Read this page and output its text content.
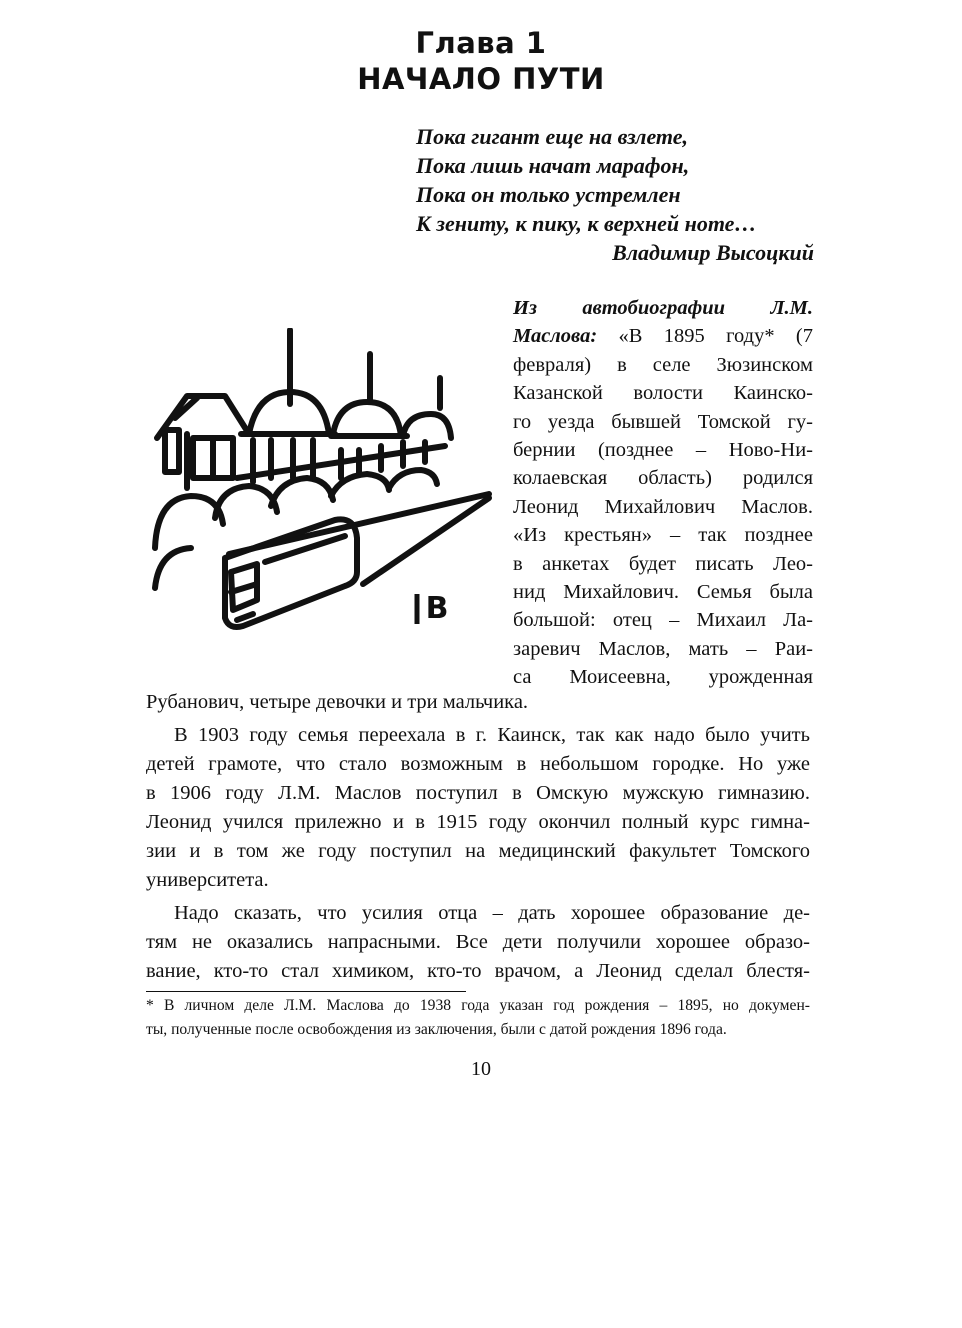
Глава 1
НАЧАЛО ПУТИ
Пока гигант еще на взлете,
Пока лишь начат марафон,
Пока он только устремлен
К зениту, к пику, к верхней ноте…
Владимир Высоцкий
В
Из автобиографии Л.М.
Маслова: «В 1895 году* (7
февраля) в селе Зюзинском
Казанской волости Каинско-
го уезда бывшей Томской гу-
бернии (позднее – Ново-Ни-
колаевская область) родился
Леонид Михайлович Маслов.
«Из крестьян» – так позднее
в анкетах будет писать Лео-
нид Михайлович. Семья была
большой: отец – Михаил Ла-
заревич Маслов, мать – Раи-
са Моисеевна, урожденная
Рубанович, четыре девочки и три мальчика.
В 1903 году семья переехала в г. Каинск, так как надо было учить
детей грамоте, что стало возможным в небольшом городке. Но уже
в 1906 году Л.М. Маслов поступил в Омскую мужскую гимназию.
Леонид учился прилежно и в 1915 году окончил полный курс гимна-
зии и в том же году поступил на медицинский факультет Томского
университета.
Надо сказать, что усилия отца – дать хорошее образование де-
тям не оказались напрасными. Все дети получили хорошее образо-
вание, кто-то стал химиком, кто-то врачом, а Леонид сделал блестя-
* В личном деле Л.М. Маслова до 1938 года указан год рождения – 1895, но докумен-
ты, полученные после освобождения из заключения, были с датой рождения 1896 года.
10
